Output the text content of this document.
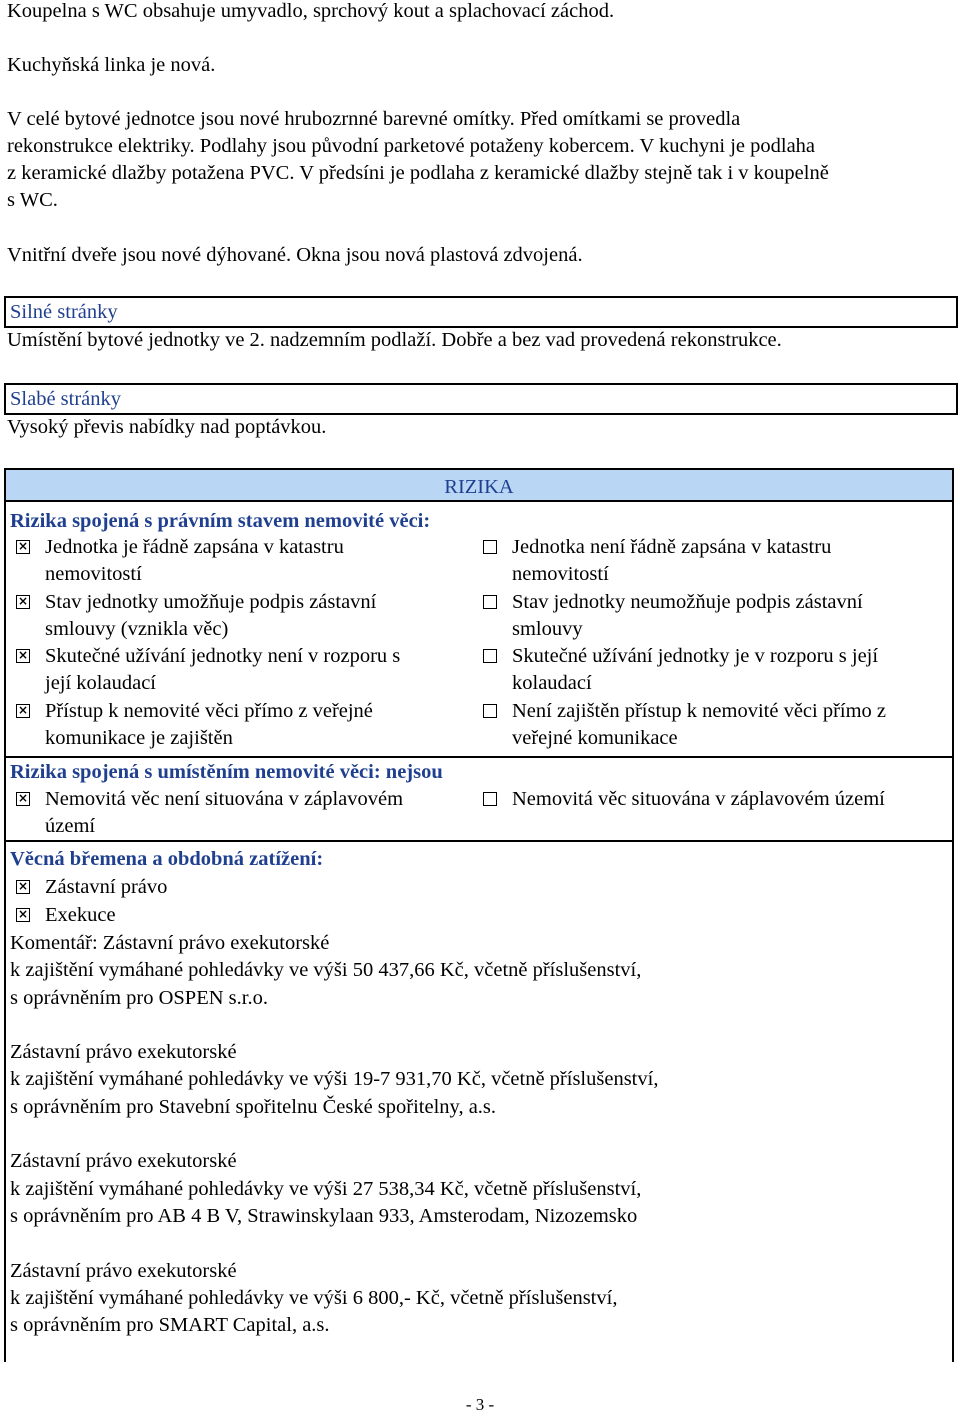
Koupelna s WC obsahuje umyvadlo, sprchový kout a splachovací záchod.

Kuchyňská linka je nová.

V celé bytové jednotce jsou nové hrubozrnné barevné omítky. Před omítkami se provedla
rekonstrukce elektriky. Podlahy jsou původní parketové potaženy kobercem. V kuchyni je podlaha
z keramické dlažby potažena PVC. V předsíni je podlaha z keramické dlažby stejně tak i v koupelně
s WC.

Vnitřní dveře jsou nové dýhované. Okna jsou nová plastová zdvojená.

Silné stránky
Umístění bytové jednotky ve 2. nadzemním podlaží. Dobře a bez vad provedená rekonstrukce.
Slabé stránky
Vysoký převis nabídky nad poptávkou.
RIZIKA
Rizika spojená s právním stavem nemovité věci:
× Jednotka je řádně zapsána v katastru
nemovitostí
Jednotka není řádně zapsána v katastru
nemovitostí
× Stav jednotky umožňuje podpis zástavní
smlouvy (vznikla věc)
Stav jednotky neumožňuje podpis zástavní
smlouvy
× Skutečné užívání jednotky není v rozporu s
její kolaudací
Skutečné užívání jednotky je v rozporu s její
kolaudací
× Přístup k nemovité věci přímo z veřejné
komunikace je zajištěn
Není zajištěn přístup k nemovité věci přímo z
veřejné komunikace
Rizika spojená s umístěním nemovité věci: nejsou
× Nemovitá věc není situována v záplavovém
území
Nemovitá věc situována v záplavovém území
Věcná břemena a obdobná zatížení:
× Zástavní právo
× Exekuce
Komentář: Zástavní právo exekutorské
k zajištění vymáhané pohledávky ve výši 50 437,66 Kč, včetně příslušenství,
s oprávněním pro OSPEN s.r.o.
Zástavní právo exekutorské
k zajištění vymáhané pohledávky ve výši 19-7 931,70 Kč, včetně příslušenství,
s oprávněním pro Stavební spořitelnu České spořitelny, a.s.
Zástavní právo exekutorské
k zajištění vymáhané pohledávky ve výši 27 538,34 Kč, včetně příslušenství,
s oprávněním pro AB 4 B V, Strawinskylaan 933, Amsterodam, Nizozemsko
Zástavní právo exekutorské
k zajištění vymáhané pohledávky ve výši 6 800,- Kč, včetně příslušenství,
s oprávněním pro SMART Capital, a.s.
- 3 -
